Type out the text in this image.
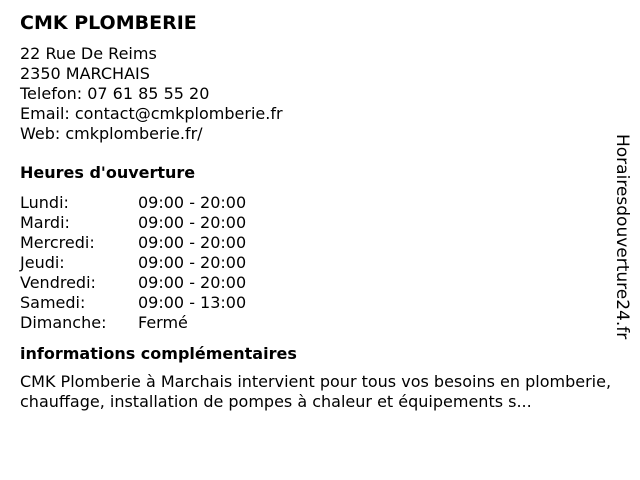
CMK PLOMBERIE
22 Rue De Reims
2350 MARCHAIS
Telefon: 07 61 85 55 20
Email: contact@cmkplomberie.fr
Web: cmkplomberie.fr/
Heures d'ouverture
Lundi:	09:00 - 20:00
Mardi:	09:00 - 20:00
Mercredi:	09:00 - 20:00
Jeudi:	09:00 - 20:00
Vendredi:	09:00 - 20:00
Samedi:	09:00 - 13:00
Dimanche:	Fermé
informations complémentaires
CMK Plomberie à Marchais intervient pour tous vos besoins en plomberie, chauffage, installation de pompes à chaleur et équipements s...
Horairesdouverture24.fr
